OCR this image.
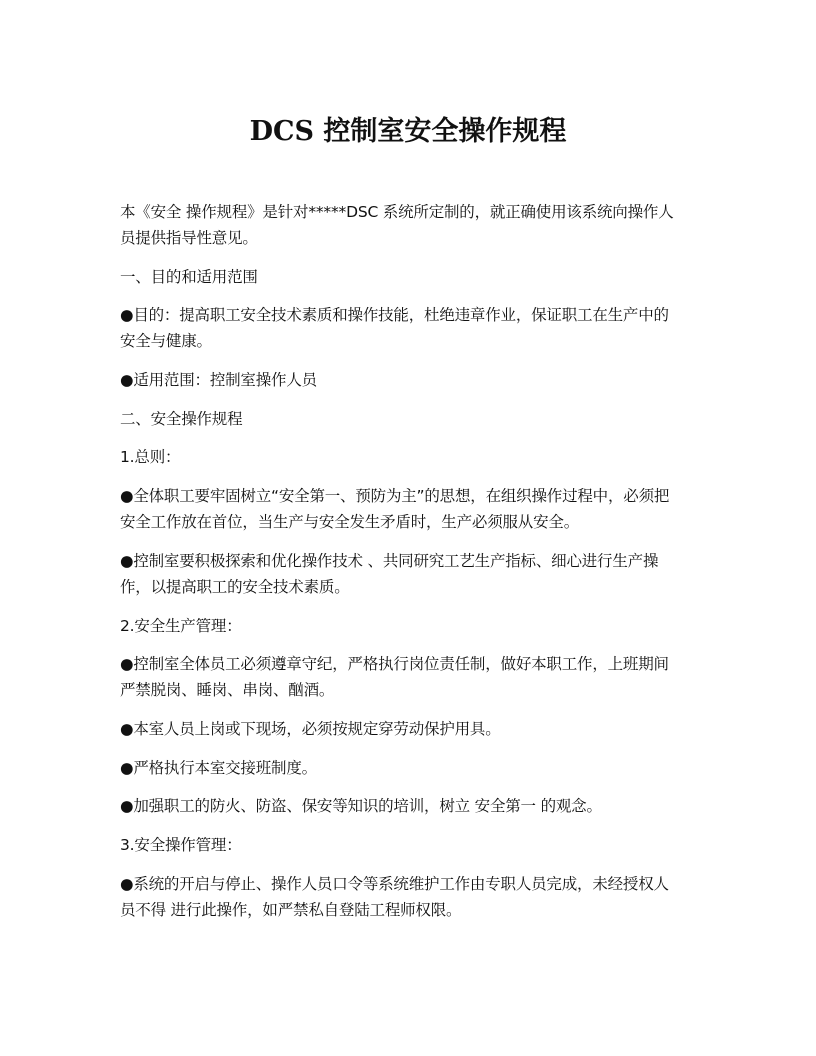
DCS 控制室安全操作规程
本《安全 操作规程》是针对*****DSC 系统所定制的，就正确使用该系统向操作人
员提供指导性意见。
一、目的和适用范围
●目的：提高职工安全技术素质和操作技能，杜绝违章作业，保证职工在生产中的
安全与健康。
●适用范围：控制室操作人员
二、安全操作规程
1.总则：
●全体职工要牢固树立“安全第一、预防为主”的思想，在组织操作过程中，必须把
安全工作放在首位，当生产与安全发生矛盾时，生产必须服从安全。
●控制室要积极探索和优化操作技术 、共同研究工艺生产指标、细心进行生产操
作，以提高职工的安全技术素质。
2.安全生产管理：
●控制室全体员工必须遵章守纪，严格执行岗位责任制，做好本职工作，上班期间
严禁脱岗、睡岗、串岗、酗酒。
●本室人员上岗或下现场，必须按规定穿劳动保护用具。
●严格执行本室交接班制度。
●加强职工的防火、防盗、保安等知识的培训，树立 安全第一 的观念。
3.安全操作管理：
●系统的开启与停止、操作人员口令等系统维护工作由专职人员完成，未经授权人
员不得 进行此操作，如严禁私自登陆工程师权限。
